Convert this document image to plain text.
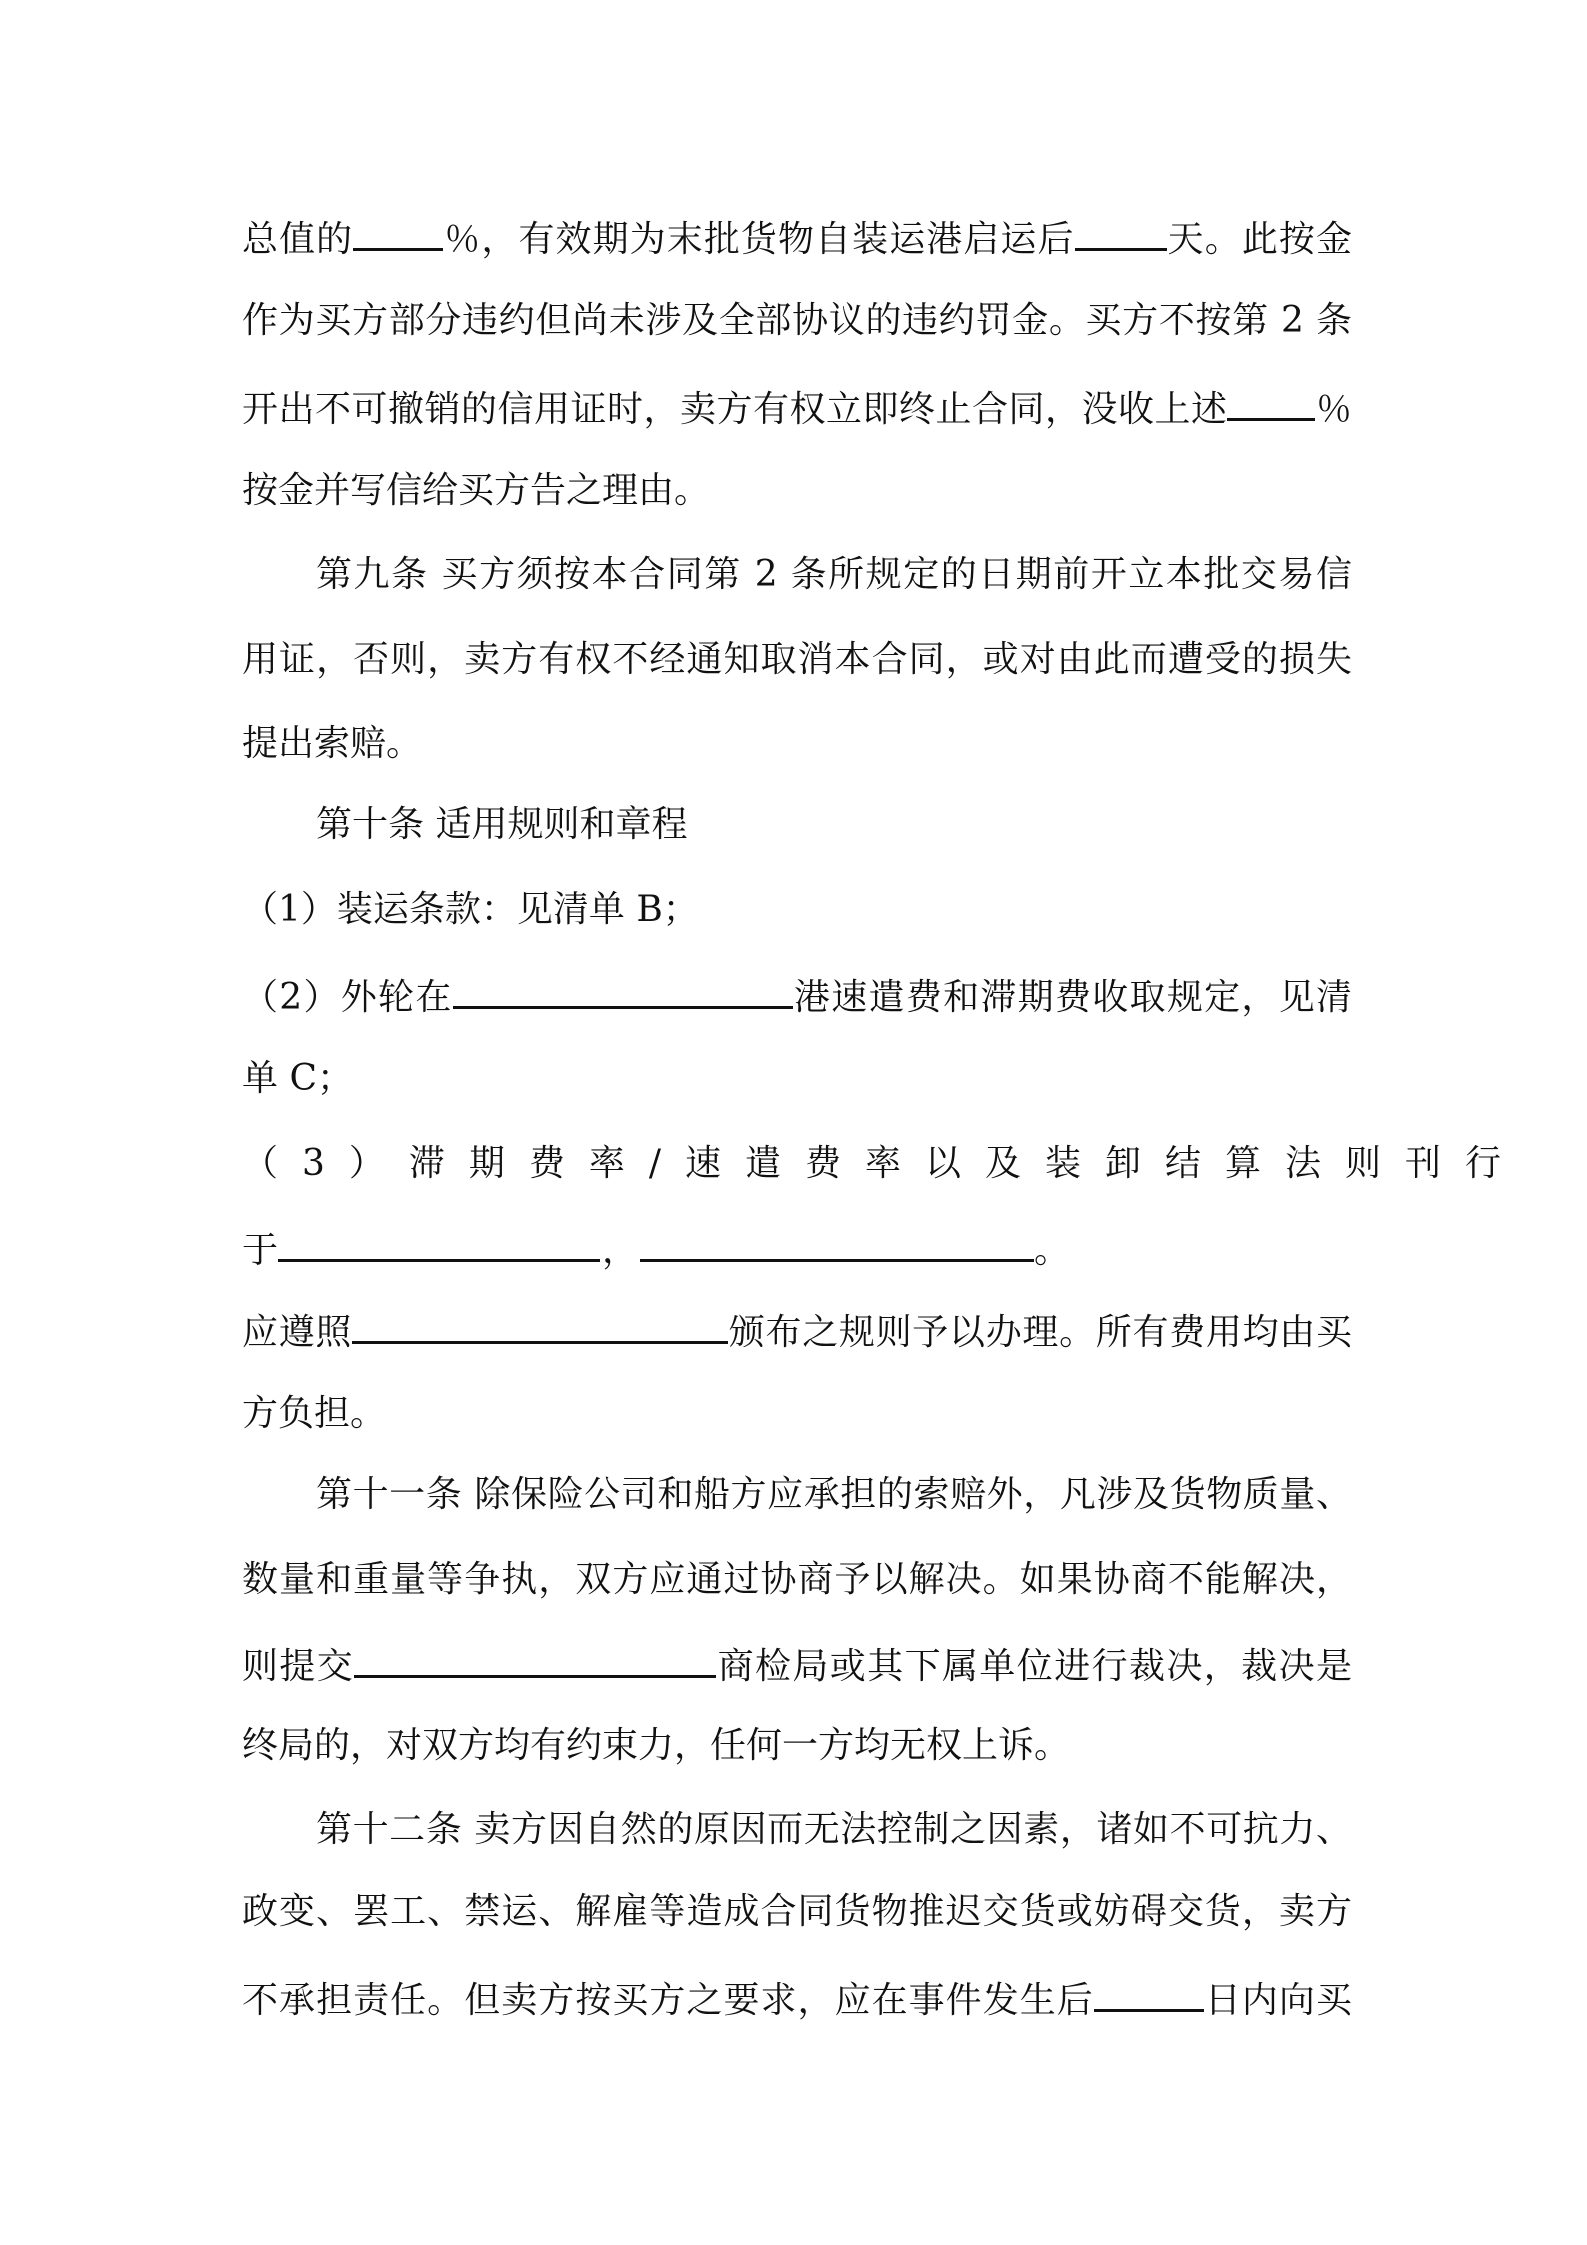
总值的	％，有效期为末批货物自装运港启运后	天。此按金
作为买方部分违约但尚未涉及全部协议的违约罚金。买方不按第 2 条
开出不可撤销的信用证时，卖方有权立即终止合同，没收上述 ％
按金并写信给买方告之理由。
第九条 买方须按本合同第 2 条所规定的日期前开立本批交易信
用证，否则，卖方有权不经通知取消本合同，或对由此而遭受的损失
提出索赔。
第十条 适用规则和章程
（1）装运条款：见清单 B；
（2）外轮在	港速遣费和滞期费收取规定，见清
单 C；
（3）滞期费率/速遣费率以及装卸结算法则刊行
于	，	。
应遵照	颁布之规则予以办理。所有费用均由买
方负担。
第十一条 除保险公司和船方应承担的索赔外，凡涉及货物质量、
数量和重量等争执，双方应通过协商予以解决。如果协商不能解决，
则提交	商检局或其下属单位进行裁决，裁决是
终局的，对双方均有约束力，任何一方均无权上诉。
第十二条 卖方因自然的原因而无法控制之因素，诸如不可抗力、
政变、罢工、禁运、解雇等造成合同货物推迟交货或妨碍交货，卖方
不承担责任。但卖方按买方之要求，应在事件发生后	日内向买
